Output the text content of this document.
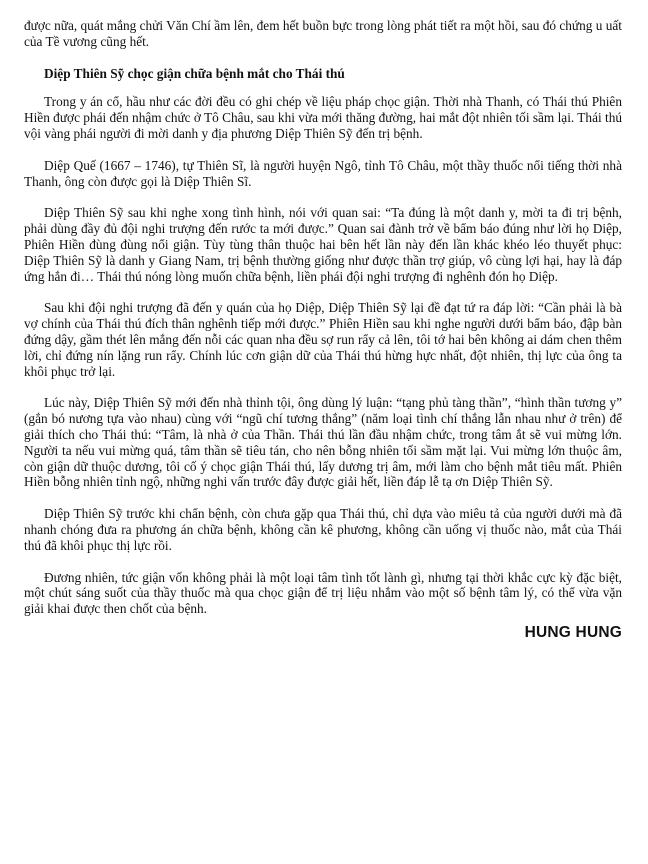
được nữa, quát mắng chửi Văn Chí ầm lên, đem hết buồn bực trong lòng phát tiết ra một hồi, sau đó chứng u uất của Tề vương cũng hết.

Diệp Thiên Sỹ chọc giận chữa bệnh mắt cho Thái thú

Trong y án cổ, hầu như các đời đều có ghi chép về liệu pháp chọc giận. Thời nhà Thanh, có Thái thú Phiên Hiền được phái đến nhậm chức ở Tô Châu, sau khi vừa mới thăng đường, hai mắt đột nhiên tối sầm lại. Thái thú vội vàng phái người đi mời danh y địa phương Diệp Thiên Sỹ đến trị bệnh.

Diệp Quế (1667 – 1746), tự Thiên Sĩ, là người huyện Ngô, tỉnh Tô Châu, một thầy thuốc nổi tiếng thời nhà Thanh, ông còn được gọi là Diệp Thiên Sĩ.

Diệp Thiên Sỹ sau khi nghe xong tình hình, nói với quan sai: “Ta đúng là một danh y, mời ta đi trị bệnh, phải dùng đầy đủ đội nghi trượng đến rước ta mới được.” Quan sai đành trở về bẩm báo đúng như lời họ Diệp, Phiên Hiền đùng đùng nổi giận. Tùy tùng thân thuộc hai bên hết lần này đến lần khác khéo léo thuyết phục: Diệp Thiên Sỹ là danh y Giang Nam, trị bệnh thường giống như được thần trợ giúp, vô cùng lợi hại, hay là đáp ứng hắn đi… Thái thú nóng lòng muốn chữa bệnh, liền phái đội nghi trượng đi nghênh đón họ Diệp.

Sau khi đội nghi trượng đã đến y quán của họ Diệp, Diệp Thiên Sỹ lại đề đạt tứ ra đáp lời: “Cần phải là bà vợ chính của Thái thú đích thân nghênh tiếp mới được.” Phiên Hiền sau khi nghe người dưới bẩm báo, đập bàn đứng dậy, gầm thét lên mắng đến nỗi các quan nha đều sợ run rẩy cả lên, tôi tớ hai bên không ai dám chen thêm lời, chỉ đứng nín lặng run rẩy. Chính lúc cơn giận dữ của Thái thú hừng hực nhất, đột nhiên, thị lực của ông ta khôi phục trở lại.

Lúc này, Diệp Thiên Sỹ mới đến nhà thỉnh tội, ông dùng lý luận: “tạng phủ tàng thần”, “hình thần tương y” (gắn bó nương tựa vào nhau) cùng với “ngũ chí tương thắng” (năm loại tình chí thắng lẫn nhau như ở trên) để giải thích cho Thái thú: “Tâm, là nhà ở của Thần. Thái thú lần đầu nhậm chức, trong tâm ắt sẽ vui mừng lớn. Người ta nếu vui mừng quá, tâm thần sẽ tiêu tán, cho nên bỗng nhiên tối sầm mặt lại. Vui mừng lớn thuộc âm, còn giận dữ thuộc dương, tôi cố ý chọc giận Thái thú, lấy dương trị âm, mới làm cho bệnh mắt tiêu mất. Phiên Hiền bỗng nhiên tỉnh ngộ, những nghi vấn trước đây được giải hết, liền đáp lễ tạ ơn Diệp Thiên Sỹ.

Diệp Thiên Sỹ trước khi chẩn bệnh, còn chưa gặp qua Thái thú, chỉ dựa vào miêu tả của người dưới mà đã nhanh chóng đưa ra phương án chữa bệnh, không cần kê phương, không cần uống vị thuốc nào, mắt của Thái thú đã khôi phục thị lực rồi.

Đương nhiên, tức giận vốn không phải là một loại tâm tình tốt lành gì, nhưng tại thời khắc cực kỳ đặc biệt, một chút sáng suốt của thầy thuốc mà qua chọc giận để trị liệu nhắm vào một số bệnh tâm lý, có thể vừa vặn giải khai được then chốt của bệnh.

HUNG HUNG
